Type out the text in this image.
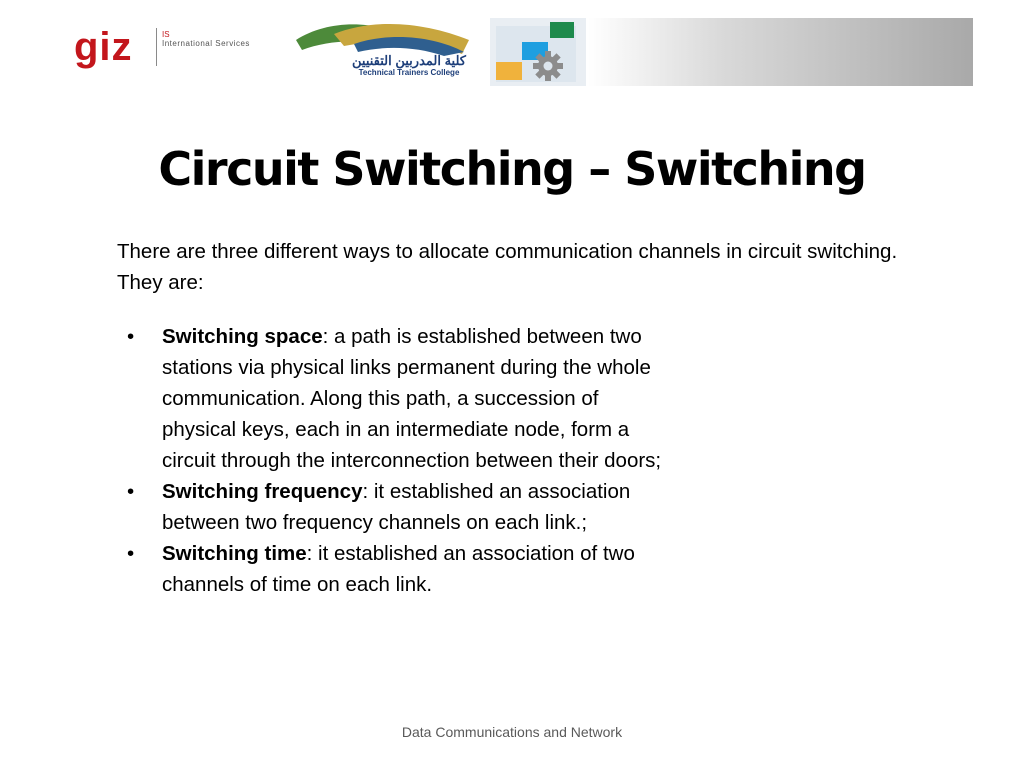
giz	IS
International Services
كلية المدربين التقنيين
Technical Trainers College
Circuit Switching – Switching

There are three different ways to allocate communication channels in circuit switching. They are:

• Switching space: a path is established between two stations via physical links permanent during the whole communication. Along this path, a succession of physical keys, each in an intermediate node, form a circuit through the interconnection between their doors;
• Switching frequency: it established an association between two frequency channels on each link.;
• Switching time: it established an association of two channels of time on each link.
Data Communications and Network
